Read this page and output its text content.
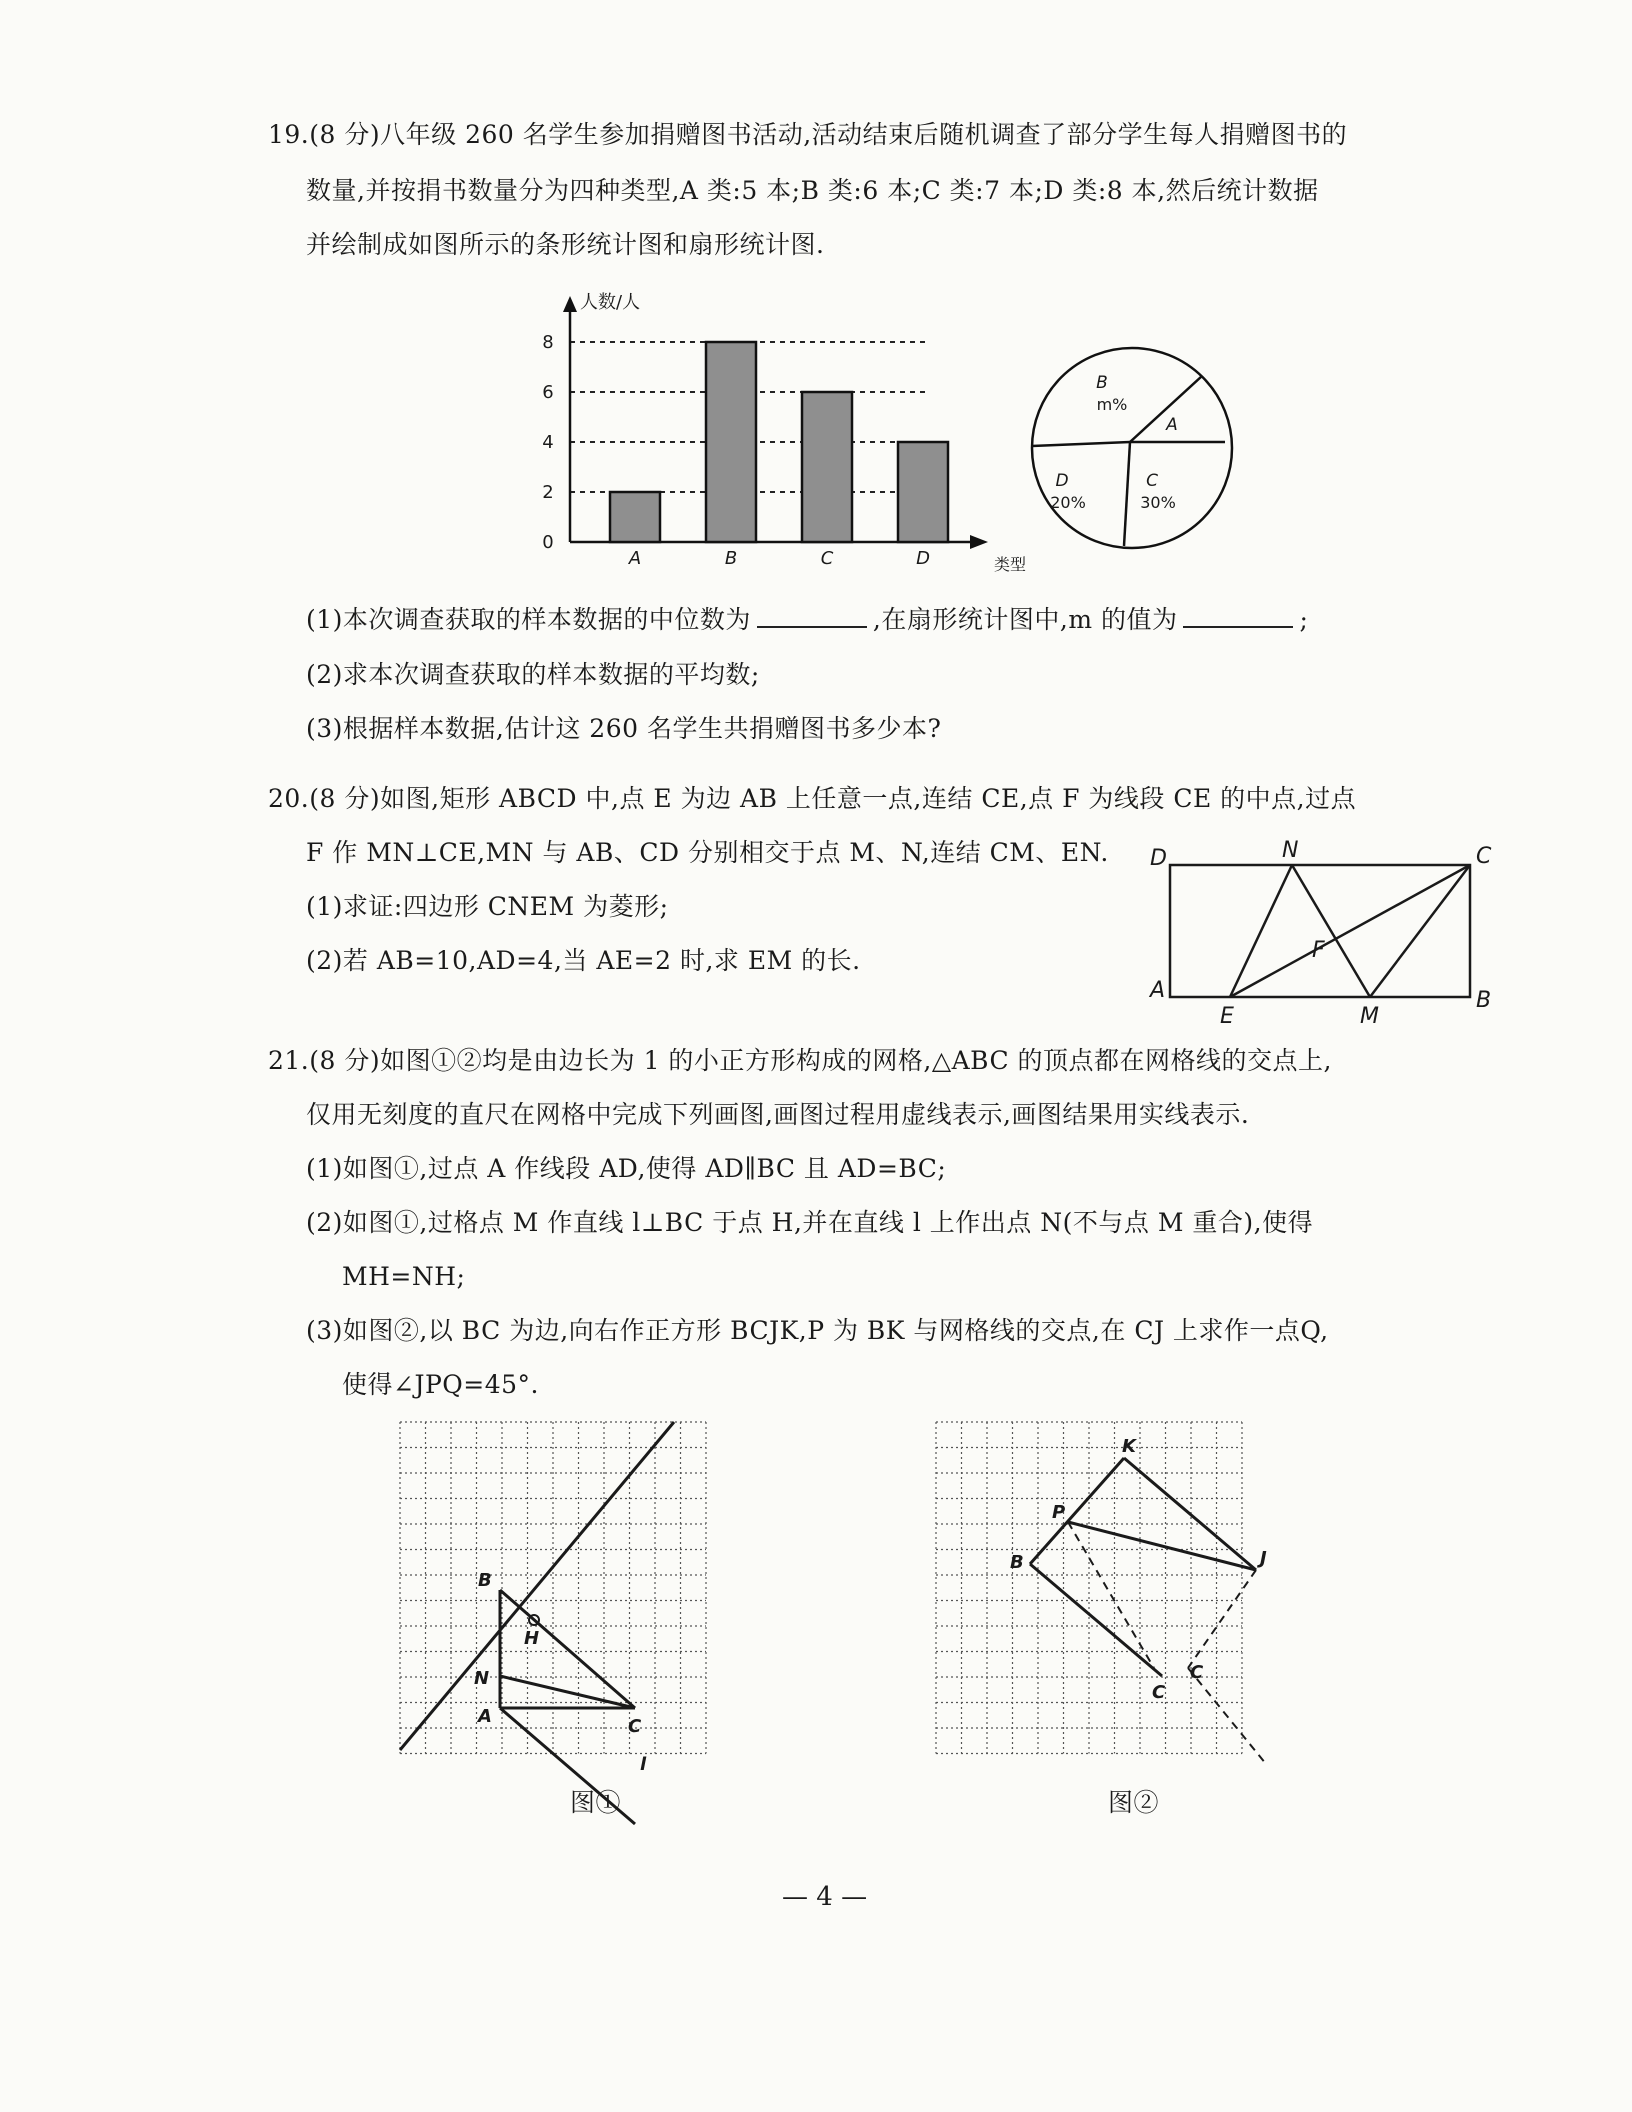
19.(8 分)八年级 260 名学生参加捐赠图书活动,活动结束后随机调查了部分学生每人捐赠图书的
数量,并按捐书数量分为四种类型,A 类:5 本;B 类:6 本;C 类:7 本;D 类:8 本,然后统计数据
并绘制成如图所示的条形统计图和扇形统计图.
0
2
4
6
8
人数/人
类型
A	B	C	D
A
B
m%
C
30%
D
20%
(1)本次调查获取的样本数据的中位数为	,在扇形统计图中,m 的值为	;
(2)求本次调查获取的样本数据的平均数;
(3)根据样本数据,估计这 260 名学生共捐赠图书多少本?
20.(8 分)如图,矩形 ABCD 中,点 E 为边 AB 上任意一点,连结 CE,点 F 为线段 CE 的中点,过点
F 作 MN⊥CE,MN 与 AB、CD 分别相交于点 M、N,连结 CM、EN.
(1)求证:四边形 CNEM 为菱形;
(2)若 AB=10,AD=4,当 AE=2 时,求 EM 的长.
D	N	C
F
A
E	M
B
21.(8 分)如图①②均是由边长为 1 的小正方形构成的网格,△ABC 的顶点都在网格线的交点上,
仅用无刻度的直尺在网格中完成下列画图,画图过程用虚线表示,画图结果用实线表示.
(1)如图①,过点 A 作线段 AD,使得 AD∥BC 且 AD=BC;
(2)如图①,过格点 M 作直线 l⊥BC 于点 H,并在直线 l 上作出点 N(不与点 M 重合),使得
MH=NH;
(3)如图②,以 BC 为边,向右作正方形 BCJK,P 为 BK 与网格线的交点,在 CJ 上求作一点Q,
使得∠JPQ=45°.
B
H
N
A	C
l
K
P
B	J
C
C
图①	图②
— 4 —
